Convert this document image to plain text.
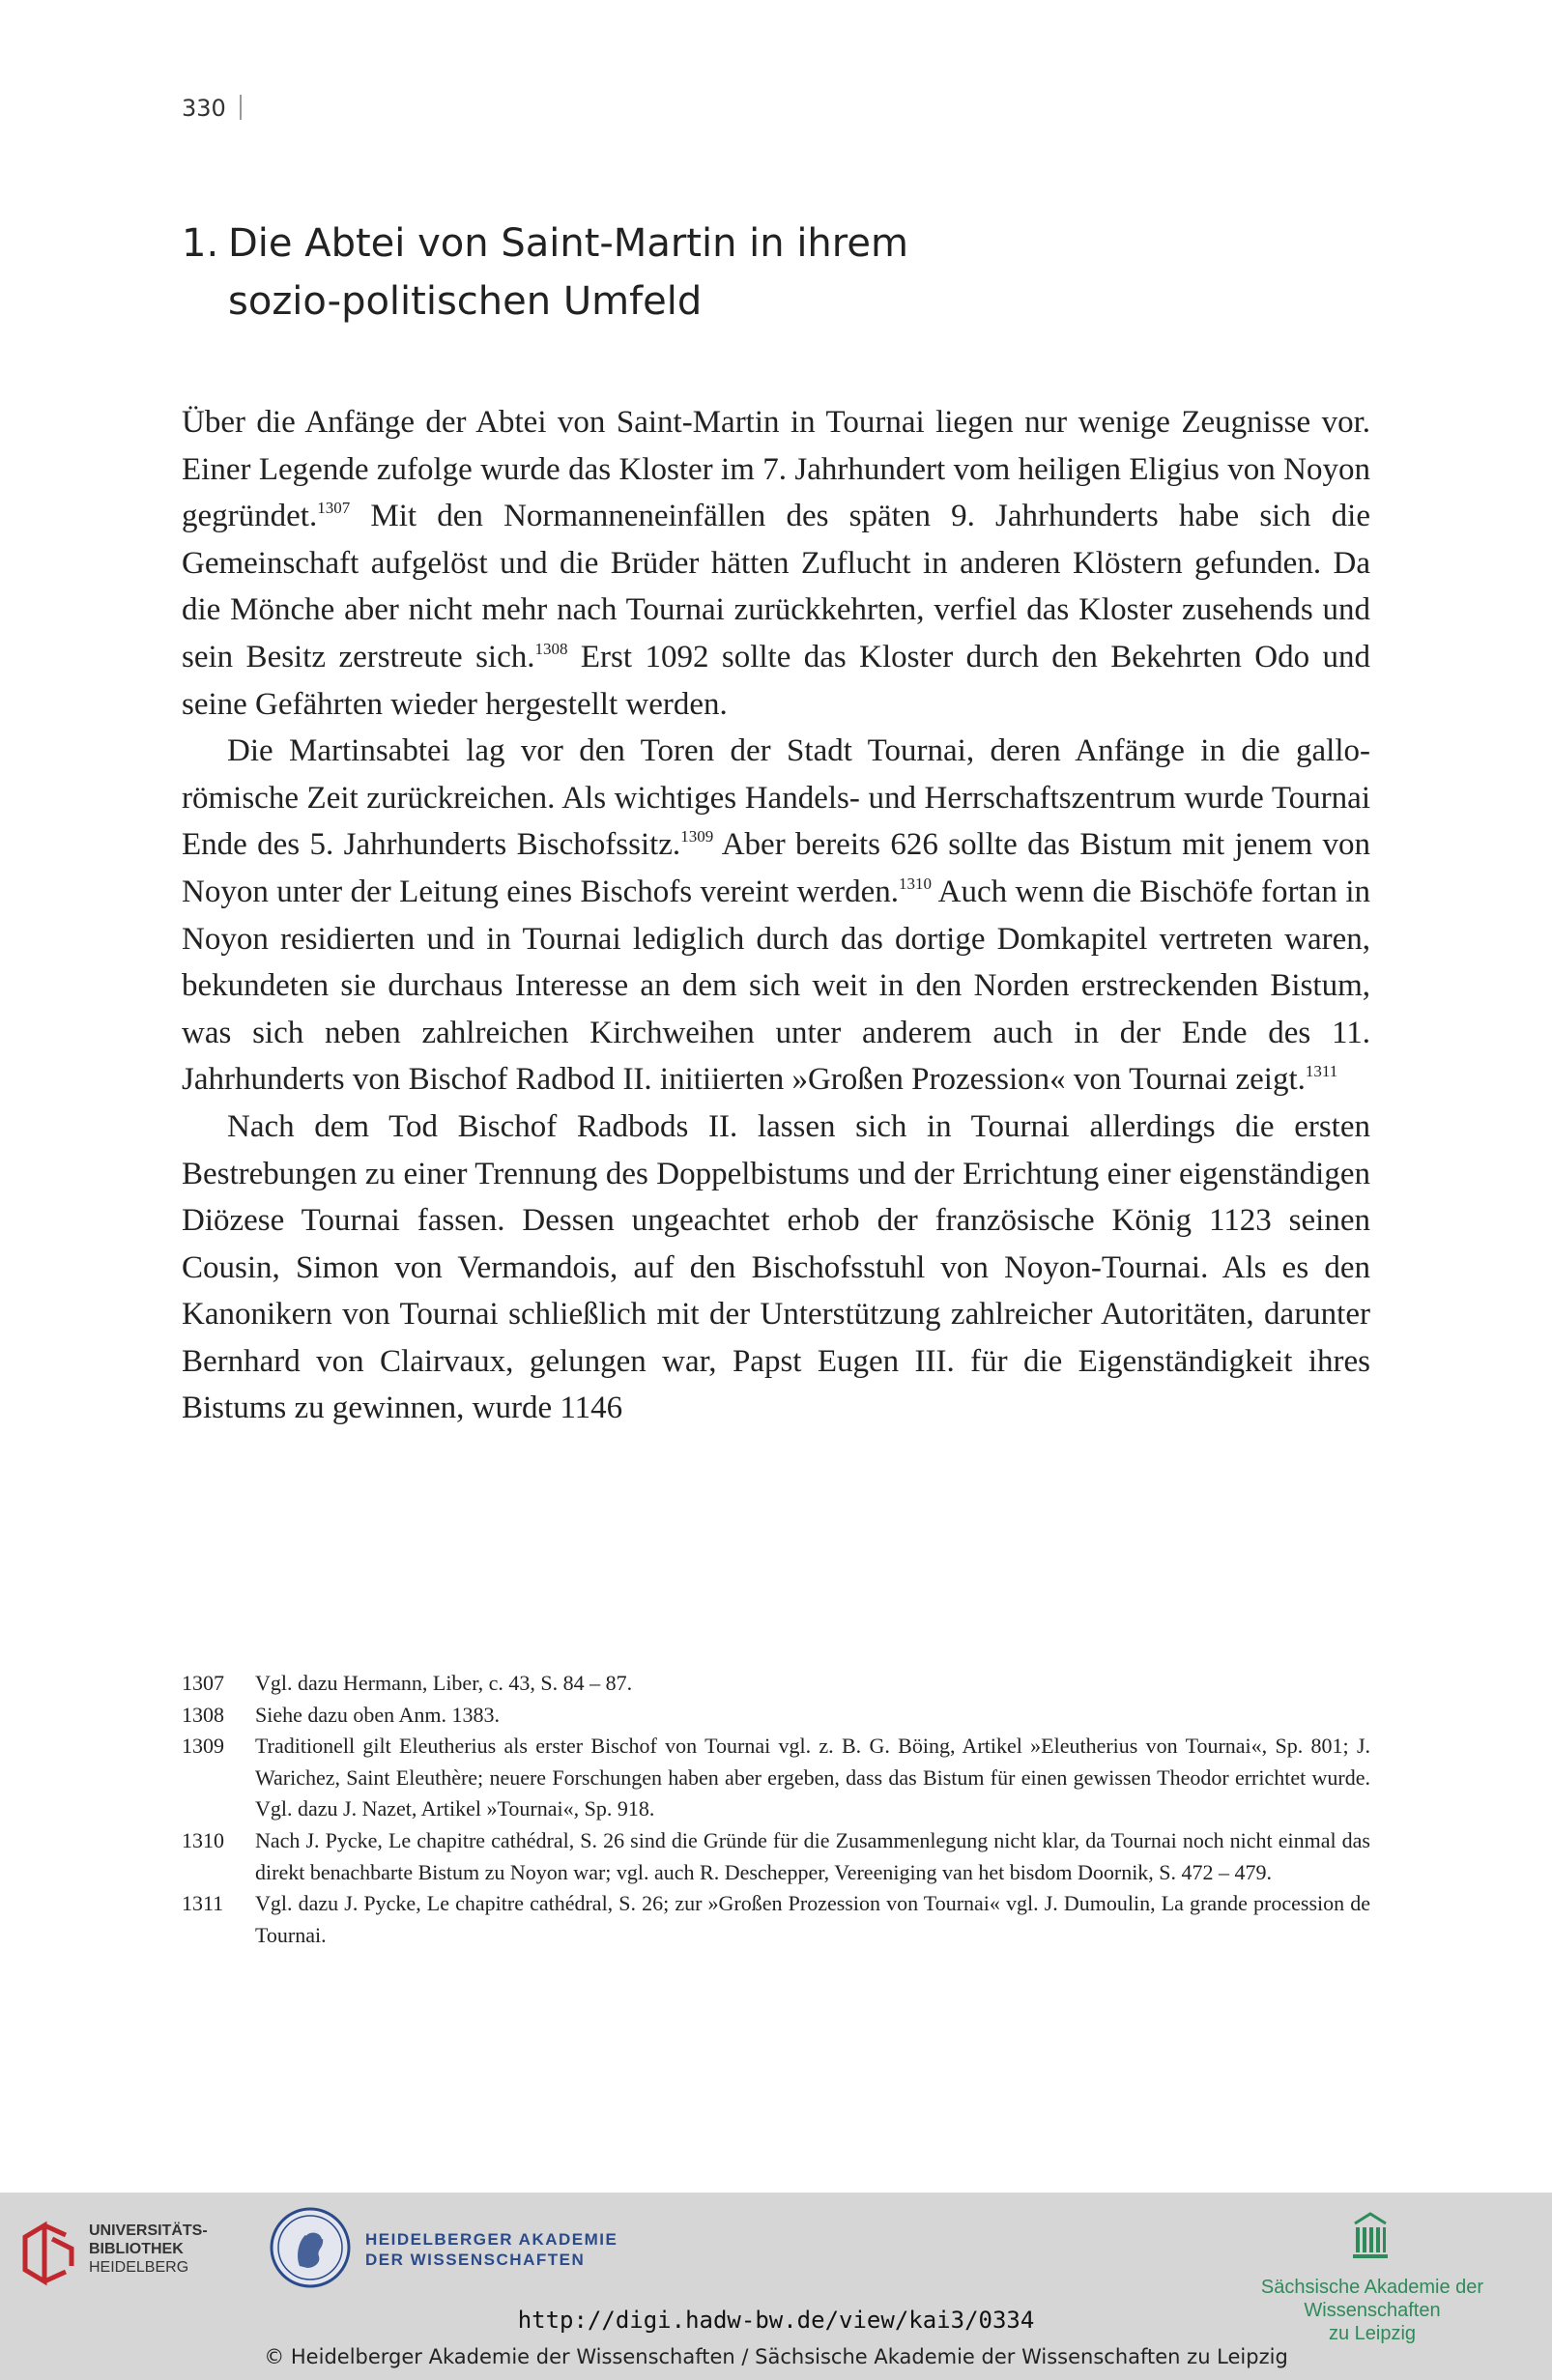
330
1. Die Abtei von Saint-Martin in ihrem
sozio-politischen Umfeld

Über die Anfänge der Abtei von Saint-Martin in Tournai liegen nur wenige Zeugnisse vor. Einer Legende zufolge wurde das Kloster im 7. Jahrhundert vom heiligen Eligius von Noyon gegründet.$^{1307}$ Mit den Normanneneinfällen des späten 9. Jahrhunderts habe sich die Gemeinschaft aufgelöst und die Brüder hätten Zuflucht in anderen Klöstern gefunden. Da die Mönche aber nicht mehr nach Tournai zurückkehrten, verfiel das Kloster zusehends und sein Besitz zerstreute sich.$^{1308}$ Erst 1092 sollte das Kloster durch den Bekehrten Odo und seine Gefährten wieder hergestellt werden.

Die Martinsabtei lag vor den Toren der Stadt Tournai, deren Anfänge in die gallo-römische Zeit zurückreichen. Als wichtiges Handels- und Herrschaftszentrum wurde Tournai Ende des 5. Jahrhunderts Bischofssitz.$^{1309}$ Aber bereits 626 sollte das Bistum mit jenem von Noyon unter der Leitung eines Bischofs vereint werden.$^{1310}$ Auch wenn die Bischöfe fortan in Noyon residierten und in Tournai lediglich durch das dortige Domkapitel vertreten waren, bekundeten sie durchaus Interesse an dem sich weit in den Norden erstreckenden Bistum, was sich neben zahlreichen Kirchweihen unter anderem auch in der Ende des 11. Jahrhunderts von Bischof Radbod II. initiierten »Großen Prozession« von Tournai zeigt.$^{1311}$

Nach dem Tod Bischof Radbods II. lassen sich in Tournai allerdings die ersten Bestrebungen zu einer Trennung des Doppelbistums und der Errichtung einer eigenständigen Diözese Tournai fassen. Dessen ungeachtet erhob der französische König 1123 seinen Cousin, Simon von Vermandois, auf den Bischofsstuhl von Noyon-Tournai. Als es den Kanonikern von Tournai schließlich mit der Unterstützung zahlreicher Autoritäten, darunter Bernhard von Clairvaux, gelungen war, Papst Eugen III. für die Eigenständigkeit ihres Bistums zu gewinnen, wurde 1146

1307	Vgl. dazu Hermann, Liber, c. 43, S. 84 – 87.
1308	Siehe dazu oben Anm. 1383.
1309	Traditionell gilt Eleutherius als erster Bischof von Tournai vgl. z. B. G. Böing, Artikel »Eleutherius von Tournai«, Sp. 801; J. Warichez, Saint Eleuthère; neuere Forschungen haben aber ergeben, dass das Bistum für einen gewissen Theodor errichtet wurde. Vgl. dazu J. Nazet, Artikel »Tournai«, Sp. 918.
1310	Nach J. Pycke, Le chapitre cathédral, S. 26 sind die Gründe für die Zusammenlegung nicht klar, da Tournai noch nicht einmal das direkt benachbarte Bistum zu Noyon war; vgl. auch R. Deschepper, Vereeniging van het bisdom Doornik, S. 472 – 479.
1311	Vgl. dazu J. Pycke, Le chapitre cathédral, S. 26; zur »Großen Prozession von Tournai« vgl. J. Dumoulin, La grande procession de Tournai.
UNIVERSITÄTS-
BIBLIOTHEK
HEIDELBERG
HEIDELBERGER AKADEMIE
DER WISSENSCHAFTEN
Sächsische Akademie der Wissenschaften
zu Leipzig
http://digi.hadw-bw.de/view/kai3/0334
© Heidelberger Akademie der Wissenschaften / Sächsische Akademie der Wissenschaften zu Leipzig
